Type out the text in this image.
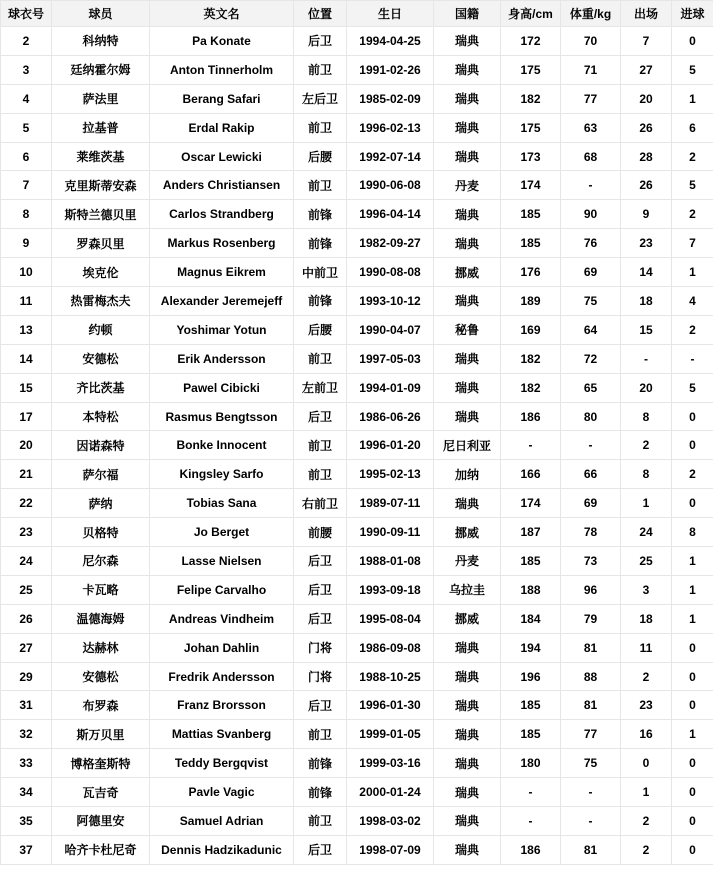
球衣号	球员	英文名	位置	生日	国籍	身高/cm	体重/kg	出场	进球
2	科纳特	Pa Konate	后卫	1994-04-25	瑞典	172	70	7	0
3	廷纳霍尔姆	Anton Tinnerholm	前卫	1991-02-26	瑞典	175	71	27	5
4	萨法里	Berang Safari	左后卫	1985-02-09	瑞典	182	77	20	1
5	拉基普	Erdal Rakip	前卫	1996-02-13	瑞典	175	63	26	6
6	莱维茨基	Oscar Lewicki	后腰	1992-07-14	瑞典	173	68	28	2
7	克里斯蒂安森	Anders Christiansen	前卫	1990-06-08	丹麦	174	-	26	5
8	斯特兰德贝里	Carlos Strandberg	前锋	1996-04-14	瑞典	185	90	9	2
9	罗森贝里	Markus Rosenberg	前锋	1982-09-27	瑞典	185	76	23	7
10	埃克伦	Magnus Eikrem	中前卫	1990-08-08	挪威	176	69	14	1
11	热雷梅杰夫	Alexander Jeremejeff	前锋	1993-10-12	瑞典	189	75	18	4
13	约顿	Yoshimar Yotun	后腰	1990-04-07	秘鲁	169	64	15	2
14	安德松	Erik Andersson	前卫	1997-05-03	瑞典	182	72	-	-
15	齐比茨基	Pawel Cibicki	左前卫	1994-01-09	瑞典	182	65	20	5
17	本特松	Rasmus Bengtsson	后卫	1986-06-26	瑞典	186	80	8	0
20	因诺森特	Bonke Innocent	前卫	1996-01-20	尼日利亚	-	-	2	0
21	萨尔福	Kingsley Sarfo	前卫	1995-02-13	加纳	166	66	8	2
22	萨纳	Tobias Sana	右前卫	1989-07-11	瑞典	174	69	1	0
23	贝格特	Jo Berget	前腰	1990-09-11	挪威	187	78	24	8
24	尼尔森	Lasse Nielsen	后卫	1988-01-08	丹麦	185	73	25	1
25	卡瓦略	Felipe Carvalho	后卫	1993-09-18	乌拉圭	188	96	3	1
26	温德海姆	Andreas Vindheim	后卫	1995-08-04	挪威	184	79	18	1
27	达赫林	Johan Dahlin	门将	1986-09-08	瑞典	194	81	11	0
29	安德松	Fredrik Andersson	门将	1988-10-25	瑞典	196	88	2	0
31	布罗森	Franz Brorsson	后卫	1996-01-30	瑞典	185	81	23	0
32	斯万贝里	Mattias Svanberg	前卫	1999-01-05	瑞典	185	77	16	1
33	博格奎斯特	Teddy Bergqvist	前锋	1999-03-16	瑞典	180	75	0	0
34	瓦吉奇	Pavle Vagic	前锋	2000-01-24	瑞典	-	-	1	0
35	阿德里安	Samuel Adrian	前卫	1998-03-02	瑞典	-	-	2	0
37	哈齐卡杜尼奇	Dennis Hadzikadunic	后卫	1998-07-09	瑞典	186	81	2	0
